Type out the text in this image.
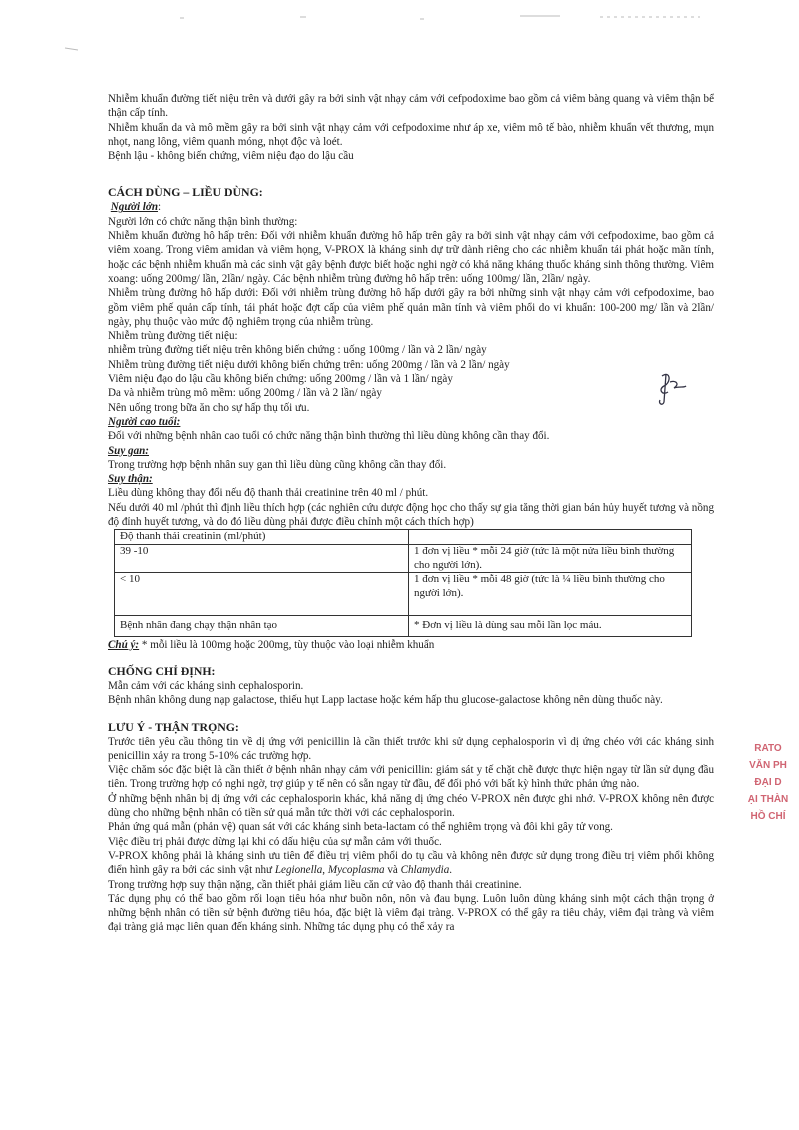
Nhiễm khuẩn đường tiết niệu trên và dưới gây ra bởi sinh vật nhạy cảm với cefpodoxime bao gồm cả viêm bàng quang và viêm thận bể thận cấp tính.

Nhiễm khuẩn da và mô mềm gây ra bởi sinh vật nhạy cảm với cefpodoxime như áp xe, viêm mô tế bào, nhiễm khuẩn vết thương, mụn nhọt, nang lông, viêm quanh móng, nhọt độc và loét.

Bệnh lậu - không biến chứng, viêm niệu đạo do lậu cầu

CÁCH DÙNG – LIỀU DÙNG:

Người lớn:

Người lớn có chức năng thận bình thường:

Nhiễm khuẩn đường hô hấp trên: Đối với nhiễm khuẩn đường hô hấp trên gây ra bởi sinh vật nhạy cảm với cefpodoxime, bao gồm cả viêm xoang. Trong viêm amidan và viêm họng, V-PROX là kháng sinh dự trữ dành riêng cho các nhiễm khuẩn tái phát hoặc mãn tính, hoặc các bệnh nhiễm khuẩn mà các sinh vật gây bệnh được biết hoặc nghi ngờ có khả năng kháng thuốc kháng sinh thông thường. Viêm xoang: uống 200mg/ lần, 2lần/ ngày. Các bệnh nhiễm trùng đường hô hấp trên: uống 100mg/ lần, 2lần/ ngày.

Nhiễm trùng đường hô hấp dưới: Đối với nhiễm trùng đường hô hấp dưới gây ra bởi những sinh vật nhạy cảm với cefpodoxime, bao gồm viêm phế quản cấp tính, tái phát hoặc đợt cấp của viêm phế quản mãn tính và viêm phổi do vi khuẩn: 100-200 mg/ lần và 2lần/ ngày, phụ thuộc vào mức độ nghiêm trọng của nhiễm trùng.

Nhiễm trùng đường tiết niệu:

nhiễm trùng đường tiết niệu trên không biến chứng : uống 100mg / lần và 2 lần/ ngày

Nhiễm trùng đường tiết niệu dưới không biến chứng trên: uống 200mg / lần và 2 lần/ ngày

Viêm niệu đạo do lậu cầu không biến chứng: uống 200mg / lần và 1 lần/ ngày

Da và nhiễm trùng mô mềm: uống 200mg / lần và 2 lần/ ngày

Nên uống trong bữa ăn cho sự hấp thụ tối ưu.

Người cao tuổi:

Đối với những bệnh nhân cao tuổi có chức năng thận bình thường thì liều dùng không cần thay đổi.

Suy gan:

Trong trường hợp bệnh nhân suy gan thì liều dùng cũng không cần thay đổi.

Suy thận:

Liều dùng không thay đổi nếu độ thanh thải creatinine trên 40 ml / phút.

Nếu dưới 40 ml /phút thì định liều thích hợp (các nghiên cứu dược động học cho thấy sự gia tăng thời gian bán hủy huyết tương và nồng độ đỉnh huyết tương, và do đó liều dùng phải được điều chỉnh một cách thích hợp)

Độ thanh thải creatinin (ml/phút)	
39 -10	1 đơn vị liều * mỗi 24 giờ (tức là một nửa liều bình thường cho người lớn).
< 10	1 đơn vị liều * mỗi 48 giờ (tức là ¼ liều bình thường cho người lớn).
Bệnh nhân đang chạy thận nhân tạo	* Đơn vị liều là dùng sau mỗi lần lọc máu.

Chú ý: * mỗi liều là 100mg hoặc 200mg, tùy thuộc vào loại nhiễm khuẩn

CHỐNG CHỈ ĐỊNH:

Mẫn cảm với các kháng sinh cephalosporin.

Bệnh nhân không dung nạp galactose, thiếu hụt Lapp lactase hoặc kém hấp thu glucose-galactose không nên dùng thuốc này.

LƯU Ý - THẬN TRỌNG:

Trước tiên yêu cầu thông tin về dị ứng với penicillin là cần thiết trước khi sử dụng cephalosporin vì dị ứng chéo với các kháng sinh penicillin xảy ra trong 5-10% các trường hợp.

Việc chăm sóc đặc biệt là cần thiết ở bệnh nhân nhạy cảm với penicillin: giám sát y tế chặt chẽ được thực hiện ngay từ lần sử dụng đầu tiên. Trong trường hợp có nghi ngờ, trợ giúp y tế nên có sẵn ngay từ đầu, để đối phó với bất kỳ hình thức phản ứng nào.

Ở những bệnh nhân bị dị ứng với các cephalosporin khác, khả năng dị ứng chéo V-PROX nên được ghi nhớ. V-PROX không nên được dùng cho những bệnh nhân có tiền sử quá mẫn tức thời với các cephalosporin.

Phản ứng quá mẫn (phản vệ) quan sát với các kháng sinh beta-lactam có thể nghiêm trọng và đôi khi gây tử vong.

Việc điều trị phải được dừng lại khi có dấu hiệu của sự mẫn cảm với thuốc.

V-PROX không phải là kháng sinh ưu tiên để điều trị viêm phổi do tụ cầu và không nên được sử dụng trong điều trị viêm phổi không điển hình gây ra bởi các sinh vật như Legionella, Mycoplasma và Chlamydia.

Trong trường hợp suy thận nặng, cần thiết phải giảm liều căn cứ vào độ thanh thải creatinine.

Tác dụng phụ có thể bao gồm rối loạn tiêu hóa như buồn nôn, nôn và đau bụng. Luôn luôn dùng kháng sinh một cách thận trọng ở những bệnh nhân có tiền sử bệnh đường tiêu hóa, đặc biệt là viêm đại tràng. V-PROX có thể gây ra tiêu chảy, viêm đại tràng và viêm đại tràng giả mạc liên quan đến kháng sinh. Những tác dụng phụ có thể xảy ra

RATO
VĂN PH
ĐẠI D
ẠI THÀN
HỒ CHÍ
